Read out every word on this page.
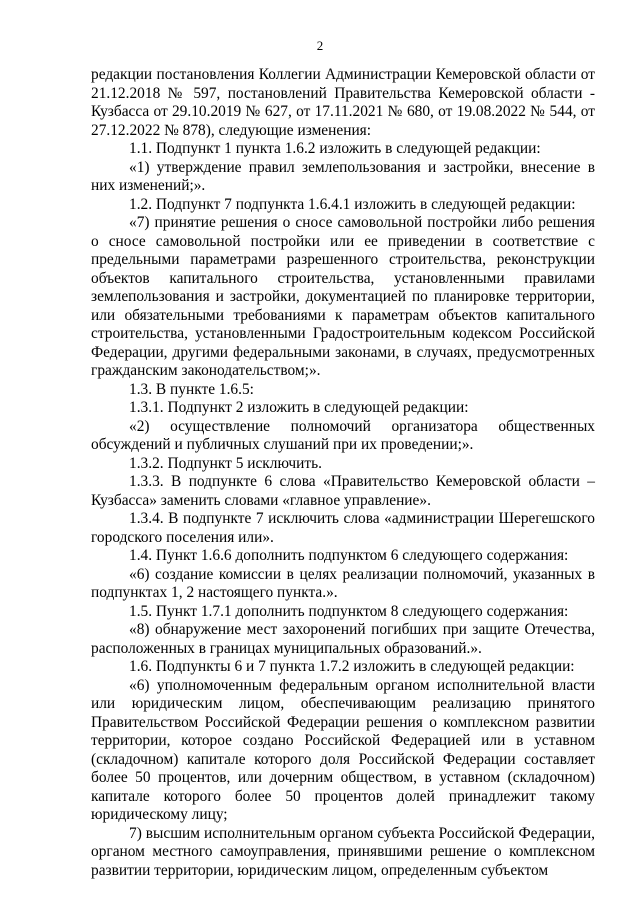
2

редакции постановления Коллегии Администрации Кемеровской области от 21.12.2018 № 597, постановлений Правительства Кемеровской области - Кузбасса от 29.10.2019 № 627, от 17.11.2021 № 680, от 19.08.2022 № 544, от 27.12.2022 № 878), следующие изменения:

1.1. Подпункт 1 пункта 1.6.2 изложить в следующей редакции:

«1) утверждение правил землепользования и застройки, внесение в них изменений;».

1.2. Подпункт 7 подпункта 1.6.4.1 изложить в следующей редакции:

«7) принятие решения о сносе самовольной постройки либо решения о сносе самовольной постройки или ее приведении в соответствие с предельными параметрами разрешенного строительства, реконструкции объектов капитального строительства, установленными правилами землепользования и застройки, документацией по планировке территории, или обязательными требованиями к параметрам объектов капитального строительства, установленными Градостроительным кодексом Российской Федерации, другими федеральными законами, в случаях, предусмотренных гражданским законодательством;».

1.3. В пункте 1.6.5:

1.3.1. Подпункт 2 изложить в следующей редакции:

«2) осуществление полномочий организатора общественных обсуждений и публичных слушаний при их проведении;».

1.3.2. Подпункт 5 исключить.

1.3.3. В подпункте 6 слова «Правительство Кемеровской области – Кузбасса» заменить словами «главное управление».

1.3.4. В подпункте 7 исключить слова «администрации Шерегешского городского поселения или».

1.4. Пункт 1.6.6 дополнить подпунктом 6 следующего содержания:

«6) создание комиссии в целях реализации полномочий, указанных в подпунктах 1, 2 настоящего пункта.».

1.5. Пункт 1.7.1 дополнить подпунктом 8 следующего содержания:

«8) обнаружение мест захоронений погибших при защите Отечества, расположенных в границах муниципальных образований.».

1.6. Подпункты 6 и 7 пункта 1.7.2 изложить в следующей редакции:

«6) уполномоченным федеральным органом исполнительной власти или юридическим лицом, обеспечивающим реализацию принятого Правительством Российской Федерации решения о комплексном развитии территории, которое создано Российской Федерацией или в уставном (складочном) капитале которого доля Российской Федерации составляет более 50 процентов, или дочерним обществом, в уставном (складочном) капитале которого более 50 процентов долей принадлежит такому юридическому лицу;

7) высшим исполнительным органом субъекта Российской Федерации, органом местного самоуправления, принявшими решение о комплексном развитии территории, юридическим лицом, определенным субъектом
